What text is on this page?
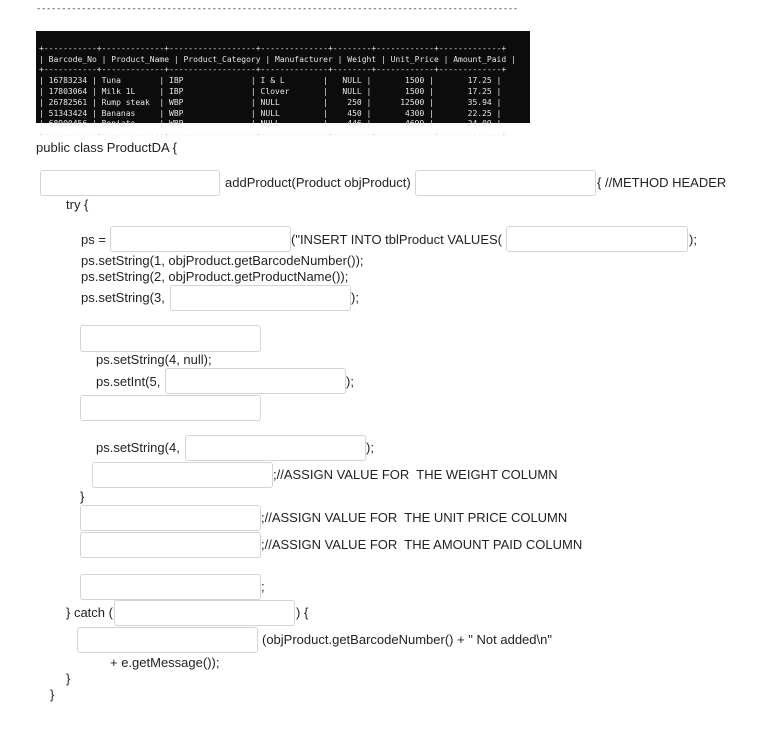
------------------------------------------------------------------------------------------------

+-----------+-------------+------------------+--------------+--------+------------+-------------+
| Barcode_No | Product_Name | Product_Category | Manufacturer | Weight | Unit_Price | Amount_Paid |
+-----------+-------------+------------------+--------------+--------+------------+-------------+
| 16783234 | Tuna        | IBP              | I & L        |   NULL |       1500 |       17.25 |
| 17803064 | Milk 1L     | IBP              | Clover       |   NULL |       1500 |       17.25 |
| 26782561 | Rump steak  | WBP              | NULL         |    250 |      12500 |       35.94 |
| 51343424 | Bananas     | WBP              | NULL         |    450 |       4300 |       22.25 |
| 68900456 | Boniato     | WBP              | NULL         |    446 |       4699 |       24.09 |
+-----------+-------------+------------------+--------------+--------+------------+-------------+

public class ProductDA {
addProduct(Product objProduct)	{ //METHOD HEADER
try {
ps =	("INSERT INTO tblProduct VALUES(	);
ps.setString(1, objProduct.getBarcodeNumber());
ps.setString(2, objProduct.getProductName());
ps.setString(3,	);
ps.setString(4, null);
ps.setInt(5,	);
ps.setString(4,	);
;//ASSIGN VALUE FOR  THE WEIGHT COLUMN
}
;//ASSIGN VALUE FOR  THE UNIT PRICE COLUMN
;//ASSIGN VALUE FOR  THE AMOUNT PAID COLUMN
;
} catch (	) {
(objProduct.getBarcodeNumber() + " Not added\n"
+ e.getMessage());
}
}
